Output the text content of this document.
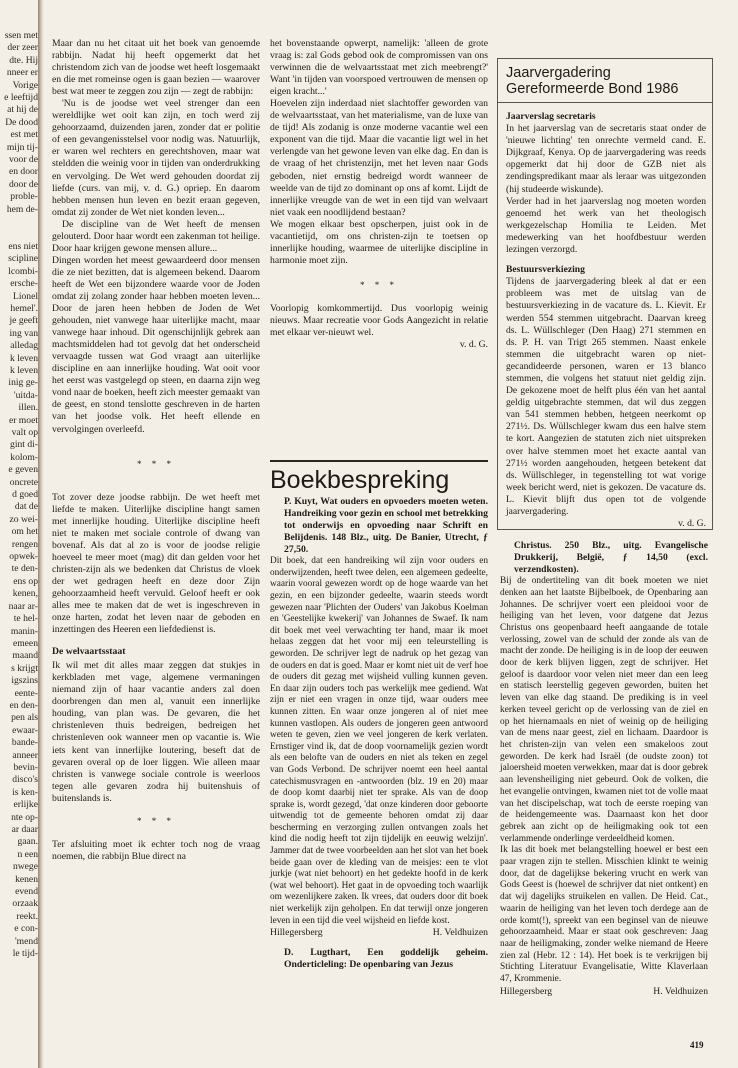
ssen met
der zeer
dte. Hij
nneer er
Vorige
e leeftijd
at hij de
De dood
est met
mijn tij-
voor de
en door
door de
proble-
hem de-

ens niet
scipline
lcombi-
ersche-
Lionel
hemel'.
je geeft
ing van
alledag
k leven
k leven
inig ge-
'uitda-
illen.
er moet
valt op
gint di-
kolom-
e geven
oncrete
d goed
dat de
zo wei-
om het
rengen
opwek-
te den-
ens op
kenen,
naar ar-
te hel-
manin-
emeen
maand
s krijgt
igszins
eente-
en den-
pen als
ewaar-
bande-
anneer
bevin-
disco's
is ken-
erlijke
nte op-
ar daar
gaan.
n een
nwege
kenen
evend
orzaak
reekt.
e con-
'mend
le tijd-

Maar dan nu het citaat uit het boek van genoemde rabbijn. Nadat hij heeft opgemerkt dat het christendom zich van de joodse wet heeft losgemaakt en die met romeinse ogen is gaan bezien — waarover best wat meer te zeggen zou zijn — zegt de rabbijn:

'Nu is de joodse wet veel strenger dan een wereldlijke wet ooit kan zijn, en toch werd zij gehoorzaamd, duizenden jaren, zonder dat er politie of een gevangenisstelsel voor nodig was. Natuurlijk, er waren wel rechters en gerechtshoven, maar wat steldden die weinig voor in tijden van onderdrukking en vervolging. De Wet werd gehouden doordat zij liefde (curs. van mij, v. d. G.) opriep. En daarom hebben mensen hun leven en bezit eraan gegeven, omdat zij zonder de Wet niet konden leven...

De discipline van de Wet heeft de mensen gelouterd. Door haar wordt een zakenman tot heilige. Door haar krijgen gewone mensen allure...

Dingen worden het meest gewaardeerd door mensen die ze niet bezitten, dat is algemeen bekend. Daarom heeft de Wet een bijzondere waarde voor de Joden omdat zij zolang zonder haar hebben moeten leven... Door de jaren heen hebben de Joden de Wet gehouden, niet vanwege haar uiterlijke macht, maar vanwege haar inhoud. Dit ogenschijnlijk gebrek aan machtsmiddelen had tot gevolg dat het onderscheid vervaagde tussen wat God vraagt aan uiterlijke discipline en aan innerlijke houding. Wat ooit voor het eerst was vastgelegd op steen, en daarna zijn weg vond naar de boeken, heeft zich meester gemaakt van de geest, en stond tenslotte geschreven in de harten van het joodse volk. Het heeft ellende en vervolgingen overleefd.

* * *

Tot zover deze joodse rabbijn. De wet heeft met liefde te maken. Uiterlijke discipline hangt samen met innerlijke houding. Uiterlijke discipline heeft niet te maken met sociale controle of dwang van bovenaf. Als dat al zo is voor de joodse religie hoeveel te meer moet (mag) dit dan gelden voor het christen-zijn als we bedenken dat Christus de vloek der wet gedragen heeft en deze door Zijn gehoorzaamheid heeft vervuld. Geloof heeft er ook alles mee te maken dat de wet is ingeschreven in onze harten, zodat het leven naar de geboden en inzettingen des Heeren een liefdedienst is.

De welvaartsstaat

Ik wil met dit alles maar zeggen dat stukjes in kerkbladen met vage, algemene vermaningen niemand zijn of haar vacantie anders zal doen doorbrengen dan men al, vanuit een innerlijke houding, van plan was. De gevaren, die het christenleven thuis bedreigen, bedreigen het christenleven ook wanneer men op vacantie is. Wie iets kent van innerlijke loutering, beseft dat de gevaren overal op de loer liggen. Wie alleen maar christen is vanwege sociale controle is weerloos tegen alle gevaren zodra hij buitenshuis of buitenslands is.

* * *

Ter afsluiting moet ik echter toch nog de vraag noemen, die rabbijn Blue direct na

het bovenstaande opwerpt, namelijk: 'alleen de grote vraag is: zal Gods gebod ook de compromissen van ons verwinnen die de welvaartsstaat met zich meebrengt?' Want 'in tijden van voorspoed vertrouwen de mensen op eigen kracht...'

Hoevelen zijn inderdaad niet slachtoffer geworden van de welvaartsstaat, van het materialisme, van de luxe van de tijd! Als zodanig is onze moderne vacantie wel een exponent van die tijd. Maar die vacantie ligt wel in het verlengde van het gewone leven van elke dag. En dan is de vraag of het christenzijn, met het leven naar Gods geboden, niet ernstig bedreigd wordt wanneer de weelde van de tijd zo dominant op ons af komt. Lijdt de innerlijke vreugde van de wet in een tijd van welvaart niet vaak een noodlijdend bestaan?

We mogen elkaar best opscherpen, juist ook in de vacantietijd, om ons christen-zijn te toetsen op innerlijke houding, waarmee de uiterlijke discipline in harmonie moet zijn.

* * *

Voorlopig komkommertijd. Dus voorlopig weinig nieuws. Maar recreatie voor Gods Aangezicht in relatie met elkaar ver-nieuwt wel.

v. d. G.
Boekbespreking

P. Kuyt, Wat ouders en opvoeders moeten weten. Handreiking voor gezin en school met betrekking tot onderwijs en opvoeding naar Schrift en Belijdenis. 148 Blz., uitg. De Banier, Utrecht, ƒ 27,50.

Dit boek, dat een handreiking wil zijn voor ouders en onderwijzenden, heeft twee delen, een algemeen gedeelte, waarin vooral gewezen wordt op de hoge waarde van het gezin, en een bijzonder gedeelte, waarin steeds wordt gewezen naar 'Plichten der Ouders' van Jakobus Koelman en 'Geestelijke kwekerij' van Johannes de Swaef. Ik nam dit boek met veel verwachting ter hand, maar ik moet helaas zeggen dat het voor mij een teleurstelling is geworden. De schrijver legt de nadruk op het gezag van de ouders en dat is goed. Maar er komt niet uit de verf hoe de ouders dit gezag met wijsheid vulling kunnen geven. En daar zijn ouders toch pas werkelijk mee gediend. Wat zijn er niet een vragen in onze tijd, waar ouders mee kunnen zitten. En waar onze jongeren al of niet mee kunnen vastlopen. Als ouders de jongeren geen antwoord weten te geven, zien we veel jongeren de kerk verlaten. Ernstiger vind ik, dat de doop voornamelijk gezien wordt als een belofte van de ouders en niet als teken en zegel van Gods Verbond. De schrijver noemt een heel aantal catechismusvragen en -antwoorden (blz. 19 en 20) maar de doop komt daarbij niet ter sprake. Als van de doop sprake is, wordt gezegd, 'dat onze kinderen door geboorte uitwendig tot de gemeente behoren omdat zij daar bescherming en verzorging zullen ontvangen zoals het kind die nodig heeft tot zijn tijdelijk en eeuwig welzijn'. Jammer dat de twee voorbeelden aan het slot van het boek beide gaan over de kleding van de meisjes: een te vlot jurkje (wat niet behoort) en het gedekte hoofd in de kerk (wat wel behoort). Het gaat in de opvoeding toch waarlijk om wezenlijkere zaken. Ik vrees, dat ouders door dit boek niet werkelijk zijn geholpen. En dat terwijl onze jongeren leven in een tijd die veel wijsheid en liefde kost.

Hillegersberg	H. Veldhuizen

D. Lugthart, Een goddelijk geheim. Onderticleling: De openbaring van Jezus

Jaarvergadering Gereformeerde Bond 1986
Jaarverslag secretaris

In het jaarverslag van de secretaris staat onder de 'nieuwe lichting' ten onrechte vermeld cand. E. Dijkgraaf, Kenya. Op de jaarvergadering was reeds opgemerkt dat hij door de GZB niet als zendingspredikant maar als leraar was uitgezonden (hij studeerde wiskunde).

Verder had in het jaarverslag nog moeten worden genoemd het werk van het theologisch werkgezelschap Homilia te Leiden. Met medewerking van het hoofdbestuur werden lezingen verzorgd.

Bestuursverkiezing

Tijdens de jaarvergadering bleek al dat er een probleem was met de uitslag van de bestuursverkiezing in de vacature ds. L. Kievit. Er werden 554 stemmen uitgebracht. Daarvan kreeg ds. L. Wüllschleger (Den Haag) 271 stemmen en ds. P. H. van Trigt 265 stemmen. Naast enkele stemmen die uitgebracht waren op niet-gecandideerde personen, waren er 13 blanco stemmen, die volgens het statuut niet geldig zijn. De gekozene moet de helft plus één van het aantal geldig uitgebrachte stemmen, dat wil dus zeggen van 541 stemmen hebben, hetgeen neerkomt op 271½. Ds. Wüllschleger kwam dus een halve stem te kort. Aangezien de statuten zich niet uitspreken over halve stemmen moet het exacte aantal van 271½ worden aangehouden, hetgeen betekent dat ds. Wüllschleger, in tegenstelling tot wat vorige week bericht werd, niet is gekozen. De vacature ds. L. Kievit blijft dus open tot de volgende jaarvergadering.

v. d. G.

Christus. 250 Blz., uitg. Evangelische Drukkerij, België, ƒ 14,50 (excl. verzendkosten).

Bij de ondertiteling van dit boek moeten we niet denken aan het laatste Bijbelboek, de Openbaring aan Johannes. De schrijver voert een pleidooi voor de heiliging van het leven, voor datgene dat Jezus Christus ons geopenbaard heeft aangaande de totale verlossing, zowel van de schuld der zonde als van de macht der zonde. De heiliging is in de loop der eeuwen door de kerk blijven liggen, zegt de schrijver. Het geloof is daardoor voor velen niet meer dan een leeg en statisch leerstellig gegeven geworden, buiten het leven van elke dag staand. De prediking is in veel kerken teveel gericht op de verlossing van de ziel en op het hiernamaals en niet of weinig op de heiliging van de mens naar geest, ziel en lichaam. Daardoor is het christen-zijn van velen een smakeloos zout geworden. De kerk had Israël (de oudste zoon) tot jaloersheid moeten verwekken, maar dat is door gebrek aan levensheiliging niet gebeurd. Ook de volken, die het evangelie ontvingen, kwamen niet tot de volle maat van het discipelschap, wat toch de eerste roeping van de heidengemeente was. Daarnaast kon het door gebrek aan zicht op de heiligmaking ook tot een verlammende onderlinge verdeeldheid komen.

Ik las dit boek met belangstelling hoewel er best een paar vragen zijn te stellen. Misschien klinkt te weinig door, dat de dagelijkse bekering vrucht en werk van Gods Geest is (hoewel de schrijver dat niet ontkent) en dat wij dagelijks struikelen en vallen. De Heid. Cat., waarin de heiliging van het leven toch derdege aan de orde komt(!), spreekt van een beginsel van de nieuwe gehoorzaamheid. Maar er staat ook geschreven: Jaag naar de heiligmaking, zonder welke niemand de Heere zien zal (Hebr. 12 : 14). Het boek is te verkrijgen bij Stichting Literatuur Evangelisatie, Witte Klaverlaan 47, Krommenie.

Hillegersberg	H. Veldhuizen
419
